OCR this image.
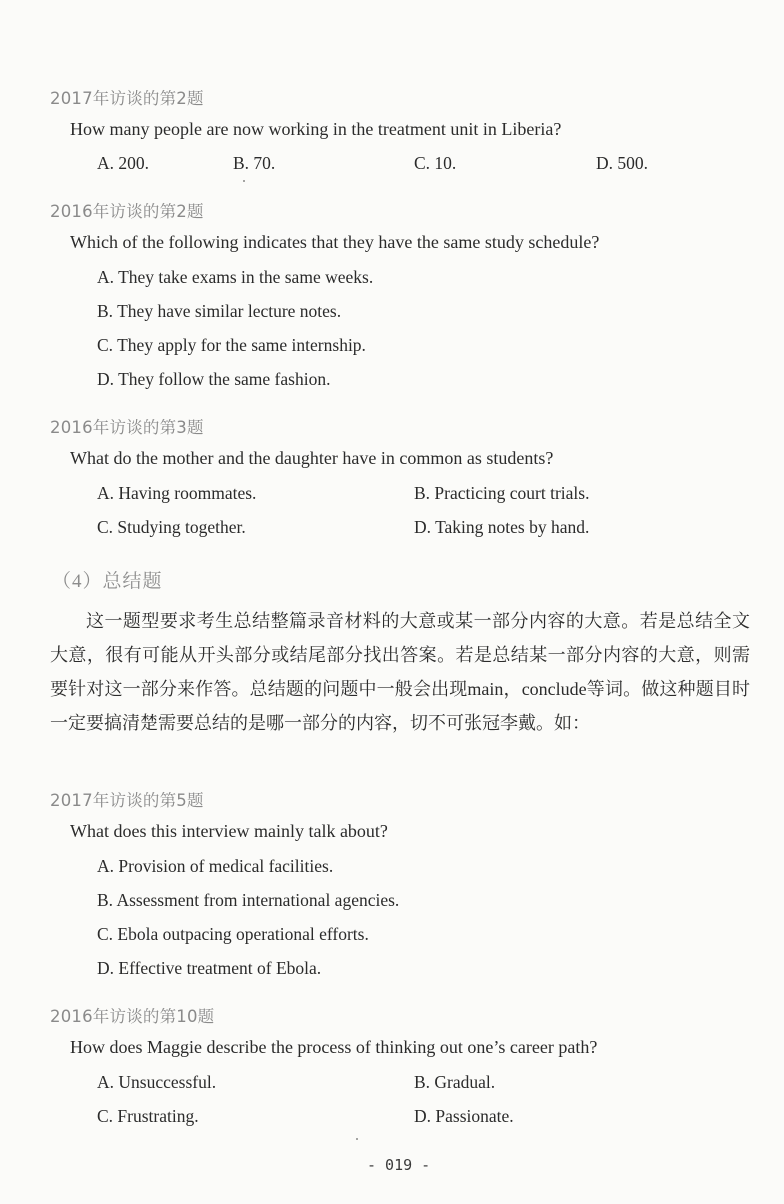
2017年访谈的第2题
How many people are now working in the treatment unit in Liberia?
A. 200.	B. 70.	C. 10.	D. 500.
2016年访谈的第2题
Which of the following indicates that they have the same study schedule?
A. They take exams in the same weeks.
B. They have similar lecture notes.
C. They apply for the same internship.
D. They follow the same fashion.
2016年访谈的第3题
What do the mother and the daughter have in common as students?
A. Having roommates.	B. Practicing court trials.
C. Studying together.	D. Taking notes by hand.
（4）总结题
这一题型要求考生总结整篇录音材料的大意或某一部分内容的大意。若是总结全文大意，很有可能从开头部分或结尾部分找出答案。若是总结某一部分内容的大意，则需要针对这一部分来作答。总结题的问题中一般会出现main，conclude等词。做这种题目时一定要搞清楚需要总结的是哪一部分的内容，切不可张冠李戴。如：
2017年访谈的第5题
What does this interview mainly talk about?
A. Provision of medical facilities.
B. Assessment from international agencies.
C. Ebola outpacing operational efforts.
D. Effective treatment of Ebola.
2016年访谈的第10题
How does Maggie describe the process of thinking out one’s career path?
A. Unsuccessful.	B. Gradual.
C. Frustrating.	D. Passionate.
- 019 -
